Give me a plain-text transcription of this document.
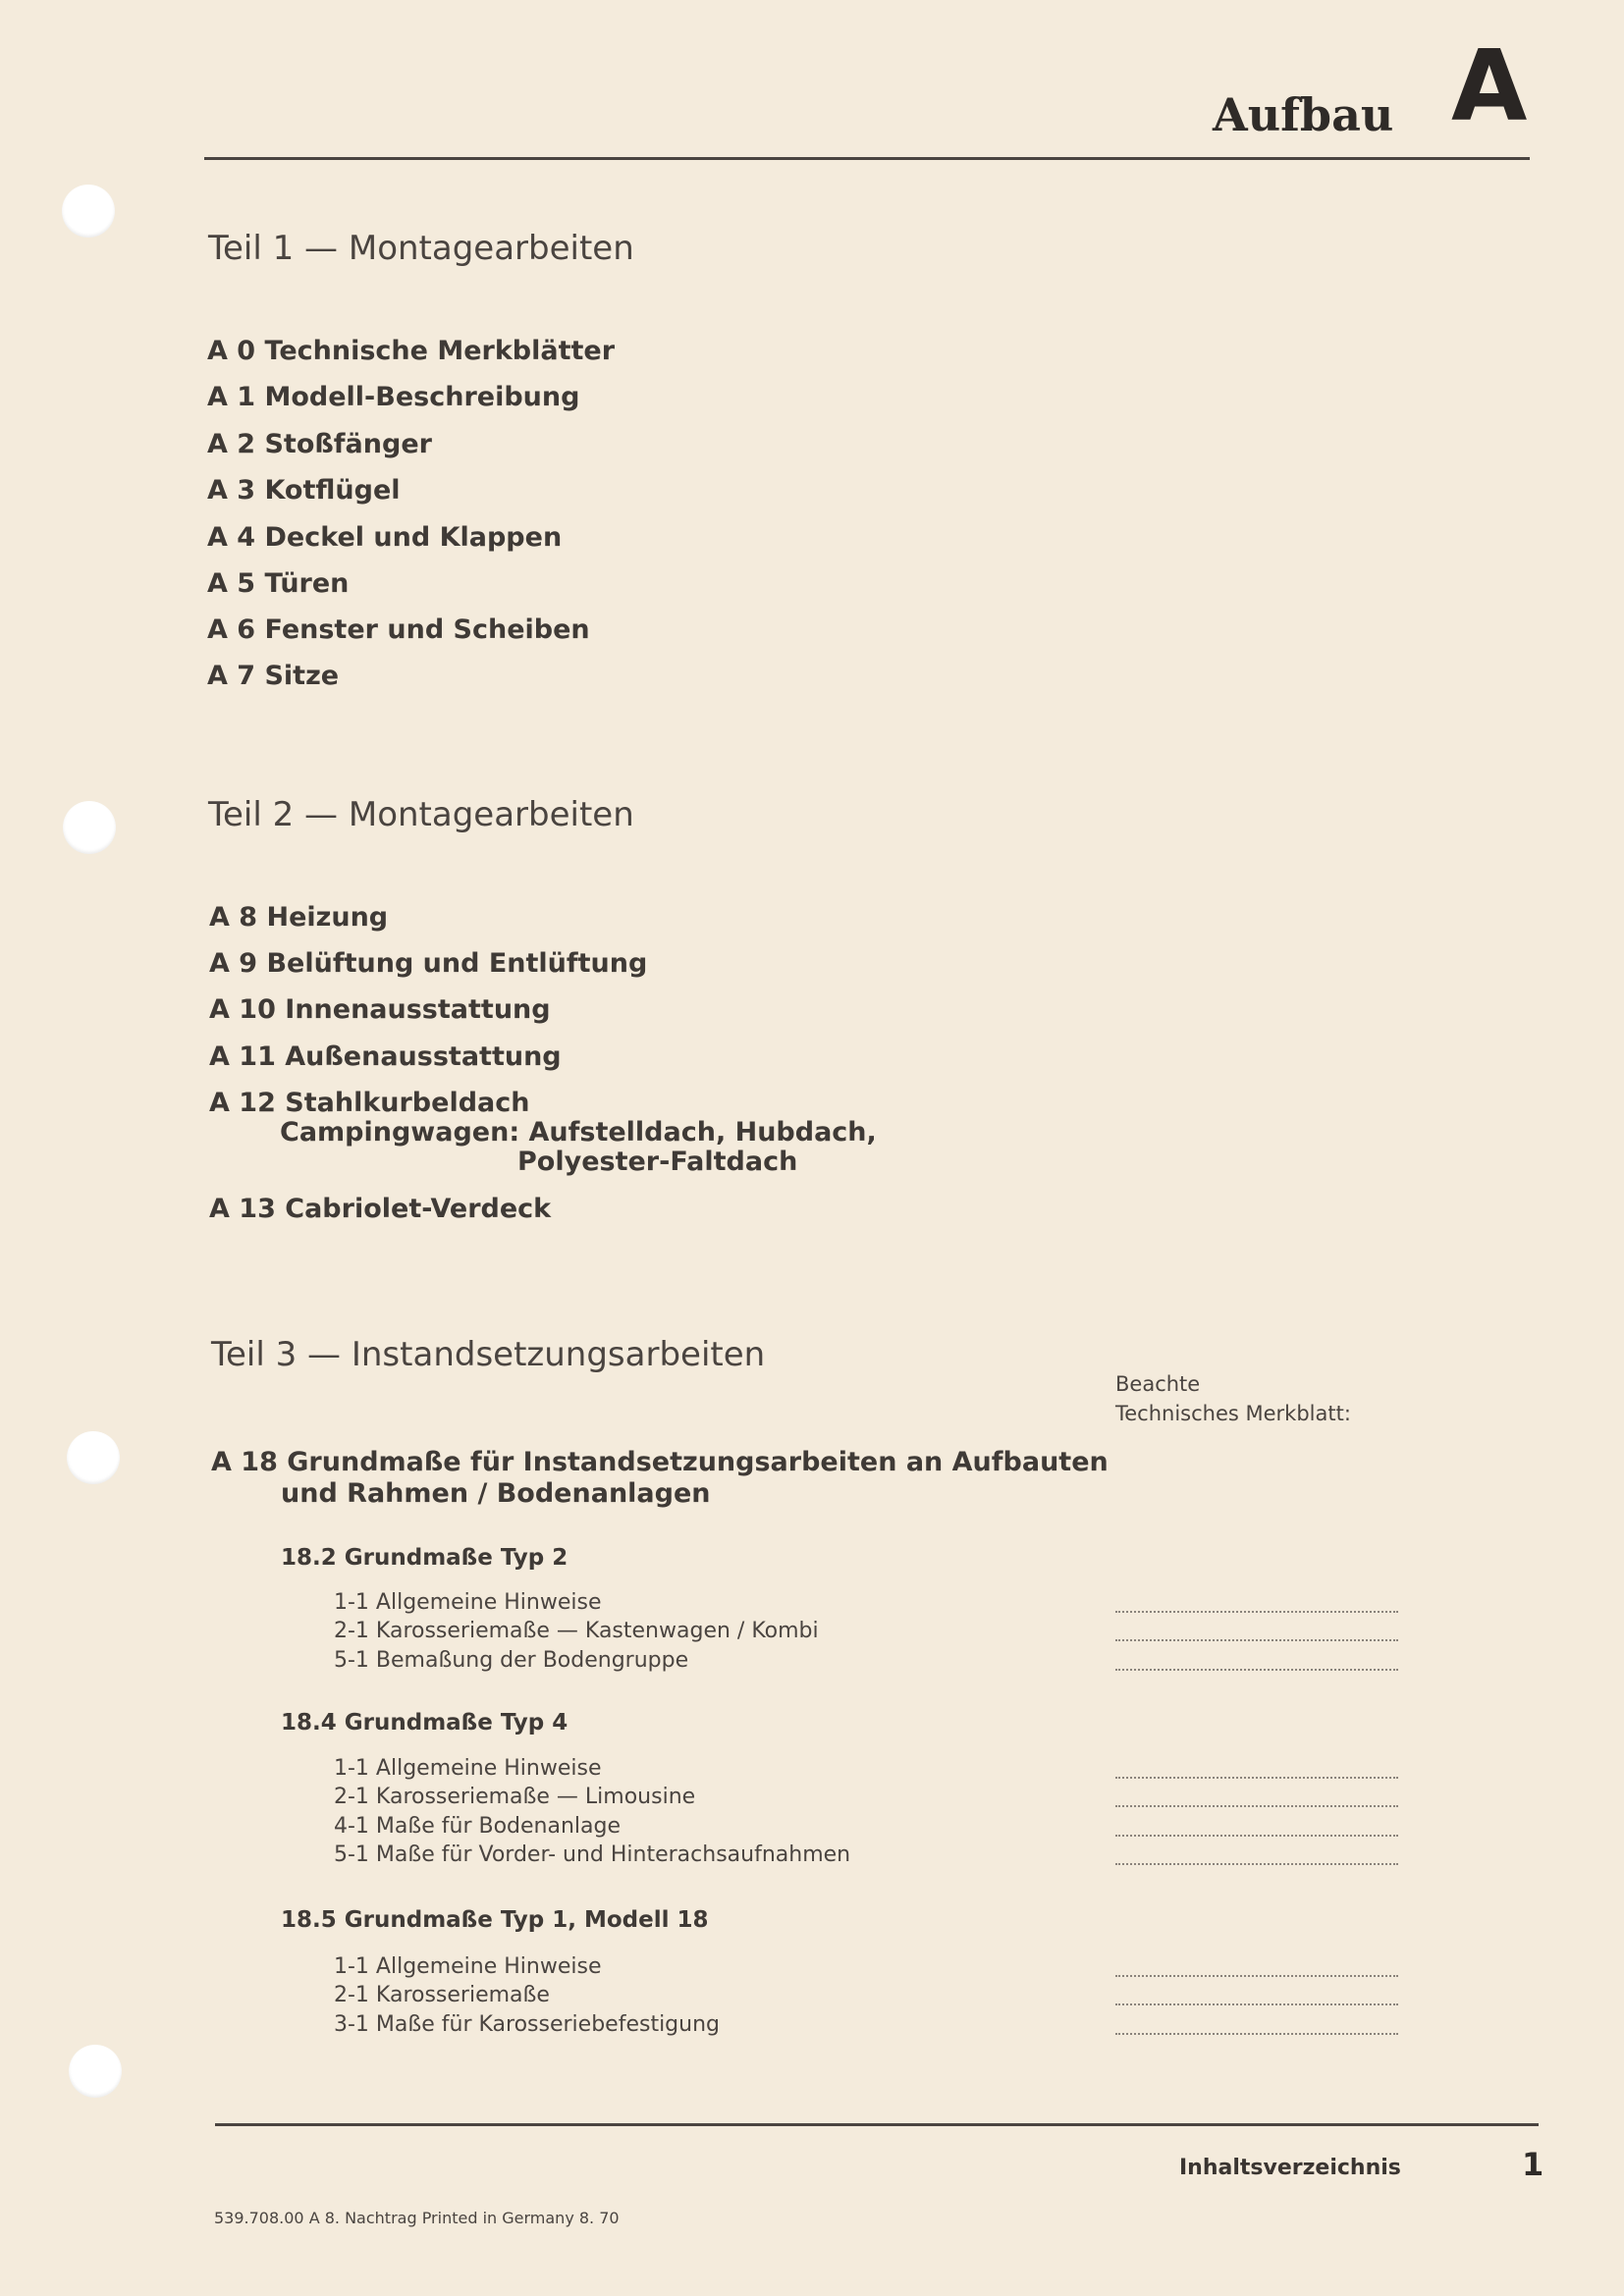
Aufbau A
Teil 1 — Montagearbeiten
A 0 Technische Merkblätter
A 1 Modell-Beschreibung
A 2 Stoßfänger
A 3 Kotflügel
A 4 Deckel und Klappen
A 5 Türen
A 6 Fenster und Scheiben
A 7 Sitze
Teil 2 — Montagearbeiten
A 8 Heizung
A 9 Belüftung und Entlüftung
A 10 Innenausstattung
A 11 Außenausstattung
A 12 Stahlkurbeldach
Campingwagen: Aufstelldach, Hubdach,
Polyester-Faltdach
A 13 Cabriolet-Verdeck
Teil 3 — Instandsetzungsarbeiten
Beachte
Technisches Merkblatt:
A 18 Grundmaße für Instandsetzungsarbeiten an Aufbauten
und Rahmen / Bodenanlagen
18.2 Grundmaße Typ 2
1-1 Allgemeine Hinweise
2-1 Karosseriemaße — Kastenwagen / Kombi
5-1 Bemaßung der Bodengruppe
18.4 Grundmaße Typ 4
1-1 Allgemeine Hinweise
2-1 Karosseriemaße — Limousine
4-1 Maße für Bodenanlage
5-1 Maße für Vorder- und Hinterachsaufnahmen
18.5 Grundmaße Typ 1, Modell 18
1-1 Allgemeine Hinweise
2-1 Karosseriemaße
3-1 Maße für Karosseriebefestigung
Inhaltsverzeichnis	1
539.708.00 A 8. Nachtrag Printed in Germany 8. 70
